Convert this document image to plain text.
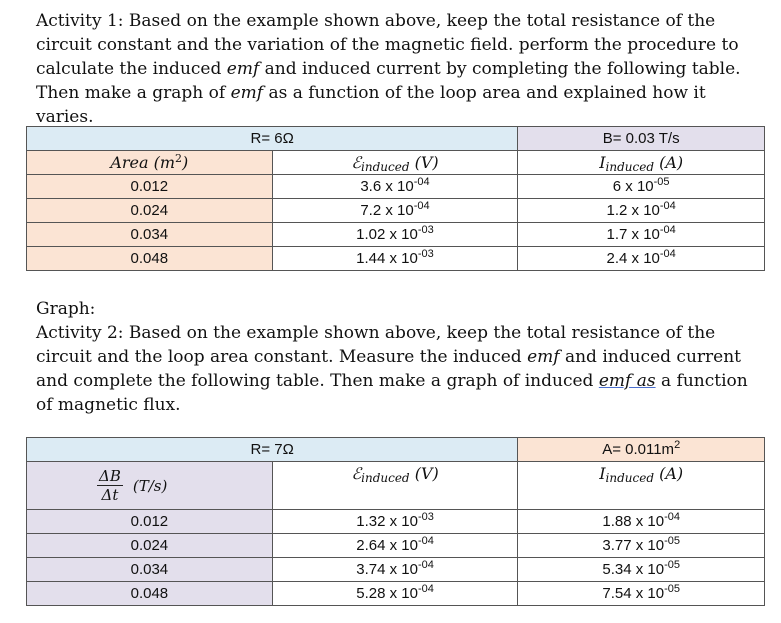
Activity 1: Based on the example shown above, keep the total resistance of the circuit constant and the variation of the magnetic field. perform the procedure to calculate the induced emf and induced current by completing the following table. Then make a graph of emf as a function of the loop area and explained how it varies.

R= 6Ω		B= 0.03 T/s
Area $(m^2)$	ℰ$_{induced}$ (V)	$I_{induced}$ (A)
0.012	3.6 x $10^{-04}$	6 x $10^{-05}$
0.024	7.2 x $10^{-04}$	1.2 x $10^{-04}$
0.034	1.02 x $10^{-03}$	1.7 x $10^{-04}$
0.048	1.44 x $10^{-03}$	2.4 x $10^{-04}$

Graph:

Activity 2: Based on the example shown above, keep the total resistance of the circuit and the loop area constant. Measure the induced emf and induced current and complete the following table. Then make a graph of induced emf as a function of magnetic flux.

R= 7Ω		$A= 0.011m^2$

$\frac{\Delta B}{\Delta t} (T/s)$	ℰ$_{induced}$ (V)	$I_{induced}$ (A)
0.012	1.32 x $10^{-03}$	1.88 x $10^{-04}$
0.024	2.64 x $10^{-04}$	3.77 x $10^{-05}$
0.034	3.74 x $10^{-04}$	5.34 x $10^{-05}$
0.048	5.28 x $10^{-04}$	7.54 x $10^{-05}$
